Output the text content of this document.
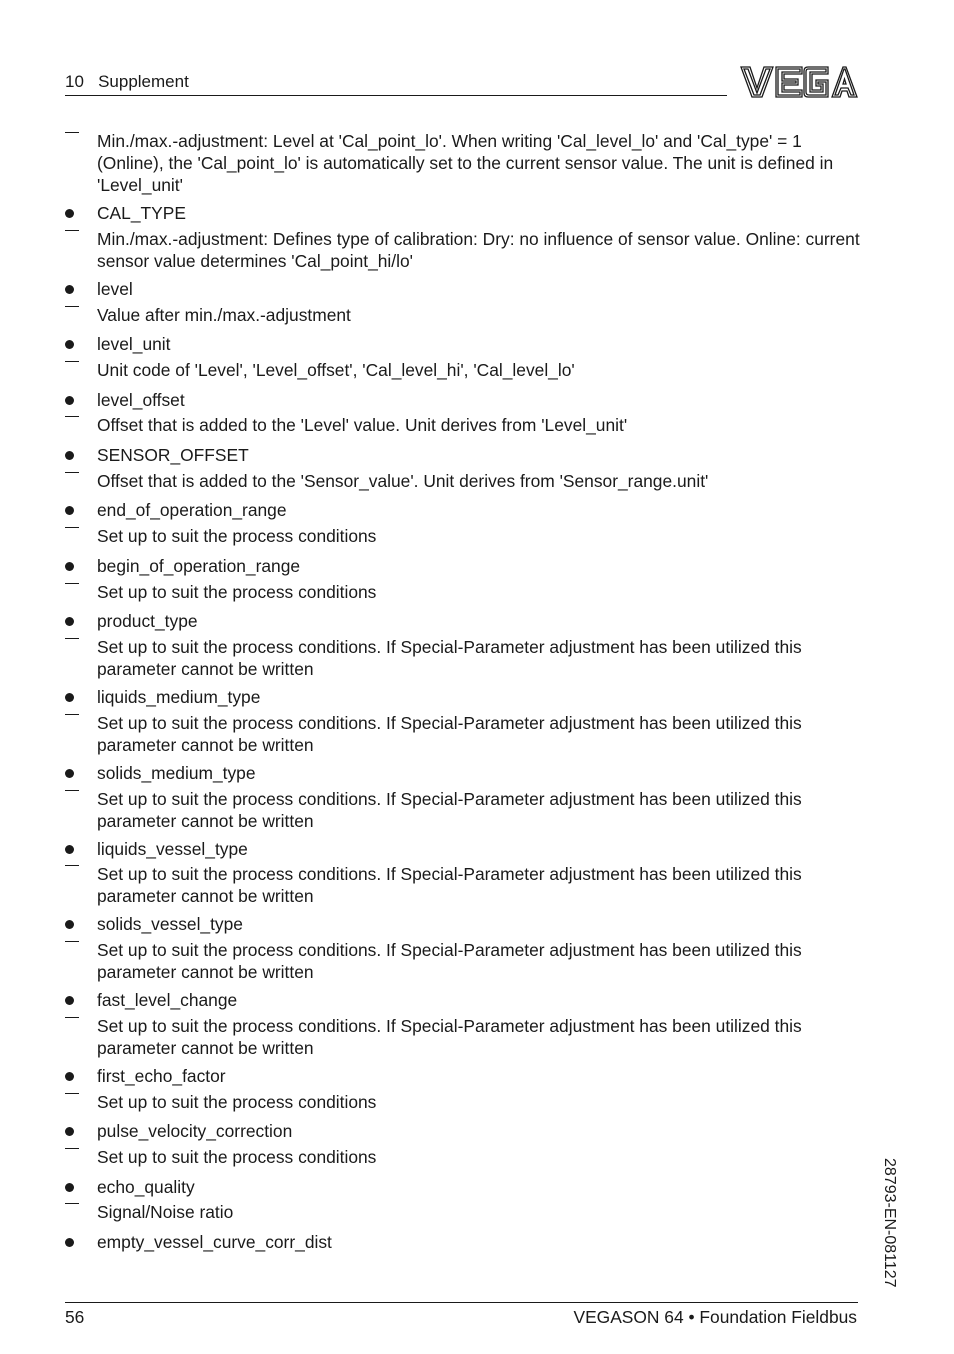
10   Supplement
Min./max.-adjustment: Level at 'Cal_point_lo'. When writing 'Cal_level_lo' and 'Cal_type' = 1 (Online), the 'Cal_point_lo' is automatically set to the current sensor value. The unit is defined in 'Level_unit'
CAL_TYPE
Min./max.-adjustment: Defines type of calibration: Dry: no influence of sensor value. Online: current sensor value determines 'Cal_point_hi/lo'
level
Value after min./max.-adjustment
level_unit
Unit code of 'Level', 'Level_offset', 'Cal_level_hi', 'Cal_level_lo'
level_offset
Offset that is added to the 'Level' value. Unit derives from 'Level_unit'
SENSOR_OFFSET
Offset that is added to the 'Sensor_value'. Unit derives from 'Sensor_range.unit'
end_of_operation_range
Set up to suit the process conditions
begin_of_operation_range
Set up to suit the process conditions
product_type
Set up to suit the process conditions. If Special-Parameter adjustment has been utilized this parameter cannot be written
liquids_medium_type
Set up to suit the process conditions. If Special-Parameter adjustment has been utilized this parameter cannot be written
solids_medium_type
Set up to suit the process conditions. If Special-Parameter adjustment has been utilized this parameter cannot be written
liquids_vessel_type
Set up to suit the process conditions. If Special-Parameter adjustment has been utilized this parameter cannot be written
solids_vessel_type
Set up to suit the process conditions. If Special-Parameter adjustment has been utilized this parameter cannot be written
fast_level_change
Set up to suit the process conditions. If Special-Parameter adjustment has been utilized this parameter cannot be written
first_echo_factor
Set up to suit the process conditions
pulse_velocity_correction
Set up to suit the process conditions
echo_quality
Signal/Noise ratio
empty_vessel_curve_corr_dist
56	VEGASON 64 • Foundation Fieldbus
28793-EN-081127
